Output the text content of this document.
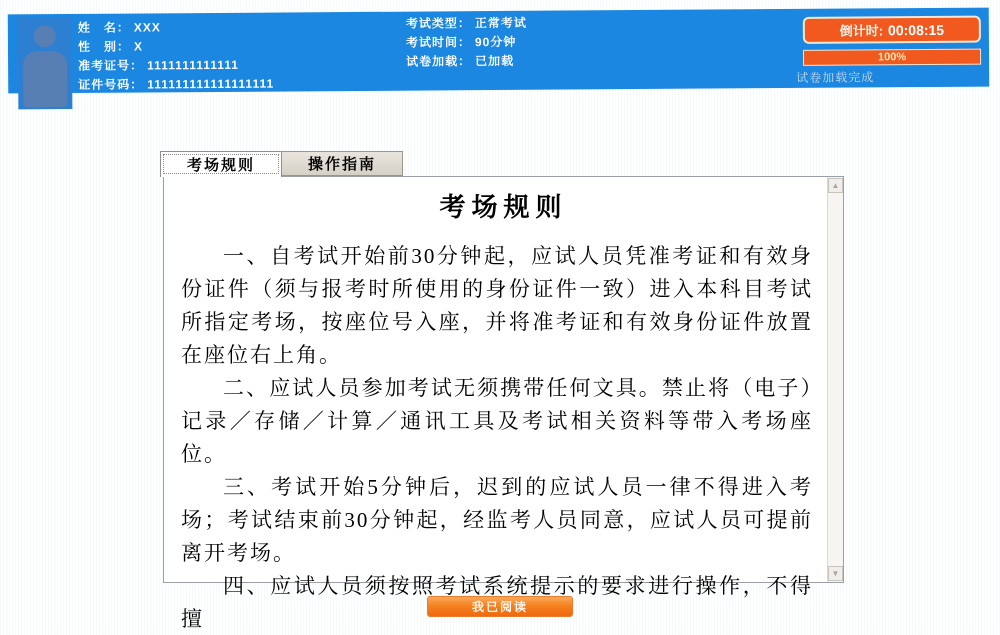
姓　名： XXX
性　别： X
准考证号： 1111111111111
证件号码： 111111111111111111
考试类型： 正常考试
考试时间： 90分钟
试卷加载： 已加载
倒计时: 00:08:15
100%
试卷加载完成
考场规则	操作指南
考场规则

一、自考试开始前30分钟起，应试人员凭准考证和有效身份证件（须与报考时所使用的身份证件一致）进入本科目考试所指定考场，按座位号入座，并将准考证和有效身份证件放置在座位右上角。

二、应试人员参加考试无须携带任何文具。禁止将（电子）记录／存储／计算／通讯工具及考试相关资料等带入考场座位。

三、考试开始5分钟后，迟到的应试人员一律不得进入考场；考试结束前30分钟起，经监考人员同意，应试人员可提前离开考场。

四、应试人员须按照考试系统提示的要求进行操作，不得擅

▲
▼
我已阅读
